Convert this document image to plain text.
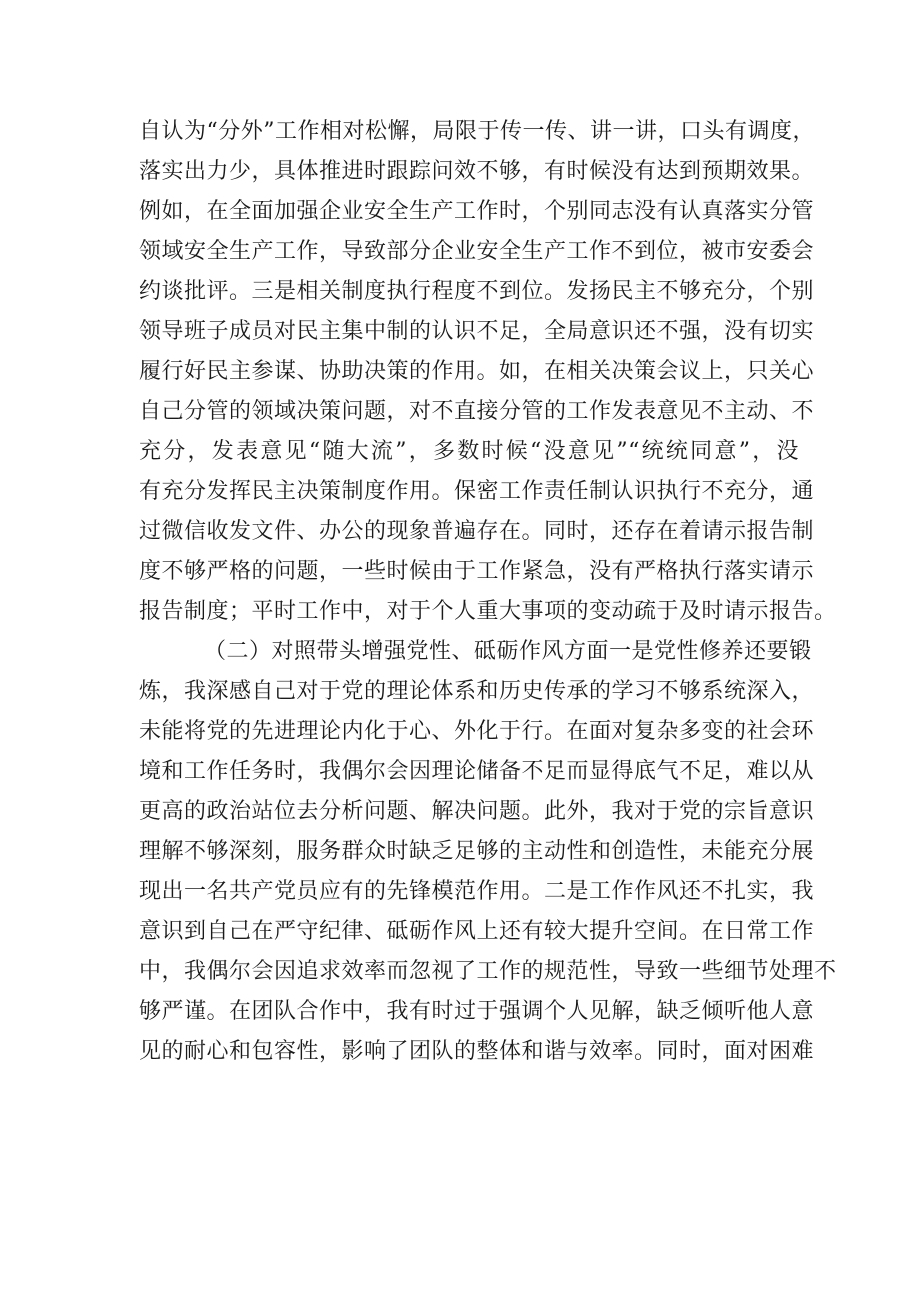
自认为“分外”工作相对松懈，局限于传一传、讲一讲，口头有调度，
落实出力少，具体推进时跟踪问效不够，有时候没有达到预期效果。
例如，在全面加强企业安全生产工作时，个别同志没有认真落实分管
领域安全生产工作，导致部分企业安全生产工作不到位，被市安委会
约谈批评。三是相关制度执行程度不到位。发扬民主不够充分，个别
领导班子成员对民主集中制的认识不足，全局意识还不强，没有切实
履行好民主参谋、协助决策的作用。如，在相关决策会议上，只关心
自己分管的领域决策问题，对不直接分管的工作发表意见不主动、不
充分，发表意见“随大流”，多数时候“没意见”“统统同意”，没
有充分发挥民主决策制度作用。保密工作责任制认识执行不充分，通
过微信收发文件、办公的现象普遍存在。同时，还存在着请示报告制
度不够严格的问题，一些时候由于工作紧急，没有严格执行落实请示
报告制度；平时工作中，对于个人重大事项的变动疏于及时请示报告。
（二）对照带头增强党性、砥砺作风方面一是党性修养还要锻
炼，我深感自己对于党的理论体系和历史传承的学习不够系统深入，
未能将党的先进理论内化于心、外化于行。在面对复杂多变的社会环
境和工作任务时，我偶尔会因理论储备不足而显得底气不足，难以从
更高的政治站位去分析问题、解决问题。此外，我对于党的宗旨意识
理解不够深刻，服务群众时缺乏足够的主动性和创造性，未能充分展
现出一名共产党员应有的先锋模范作用。二是工作作风还不扎实，我
意识到自己在严守纪律、砥砺作风上还有较大提升空间。在日常工作
中，我偶尔会因追求效率而忽视了工作的规范性，导致一些细节处理不
够严谨。在团队合作中，我有时过于强调个人见解，缺乏倾听他人意
见的耐心和包容性，影响了团队的整体和谐与效率。同时，面对困难
